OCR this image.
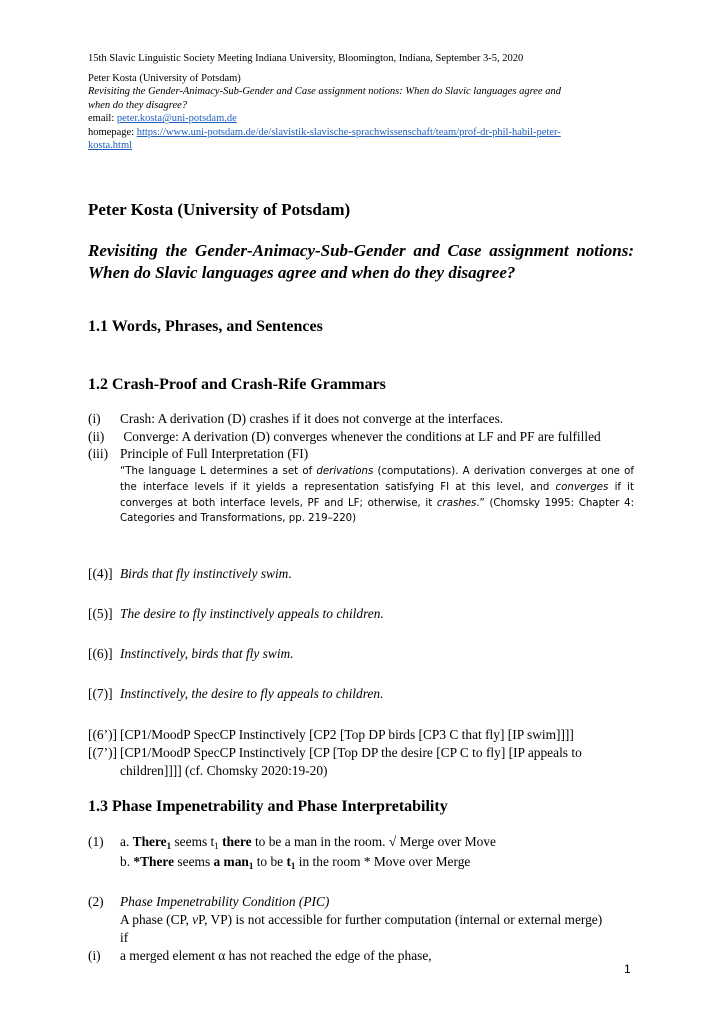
15th Slavic Linguistic Society Meeting Indiana University, Bloomington, Indiana, September 3-5, 2020
Peter Kosta (University of Potsdam)
Revisiting the Gender-Animacy-Sub-Gender and Case assignment notions: When do Slavic languages agree and
when do they disagree?
email: peter.kosta@uni-potsdam.de
homepage: https://www.uni-potsdam.de/de/slavistik-slavische-sprachwissenschaft/team/prof-dr-phil-habil-peter-
kosta.html
Peter Kosta (University of Potsdam)
Revisiting the Gender-Animacy-Sub-Gender and Case assignment notions: When do Slavic languages agree and when do they disagree?
1.1 Words, Phrases, and Sentences
1.2 Crash-Proof and Crash-Rife Grammars
(i) Crash: A derivation (D) crashes if it does not converge at the interfaces.
(ii) Converge: A derivation (D) converges whenever the conditions at LF and PF are fulfilled
(iii) Principle of Full Interpretation (FI)
“The language L determines a set of derivations (computations). A derivation converges at one of the interface levels if it yields a representation satisfying FI at this level, and converges if it converges at both interface levels, PF and LF; otherwise, it crashes.” (Chomsky 1995: Chapter 4: Categories and Transformations, pp. 219–220)
[(4)] Birds that fly instinctively swim.
[(5)] The desire to fly instinctively appeals to children.
[(6)] Instinctively, birds that fly swim.
[(7)] Instinctively, the desire to fly appeals to children.
[(6’)] [CP1/MoodP SpecCP Instinctively [CP2 [Top DP birds [CP3 C that fly] [IP swim]]]]
[(7’)] [CP1/MoodP SpecCP Instinctively [CP [Top DP the desire [CP C to fly] [IP appeals to
children]]]] (cf. Chomsky 2020:19-20)
1.3 Phase Impenetrability and Phase Interpretability
(1) a. There$_1$ seems $t_1$ there to be a man in the room. √ Merge over Move
b. *There seems a man$_1$ to be $t_1$ in the room * Move over Merge
(2) Phase Impenetrability Condition (PIC)
A phase (CP, vP, VP) is not accessible for further computation (internal or external merge)
if
(i) a merged element α has not reached the edge of the phase,
1
